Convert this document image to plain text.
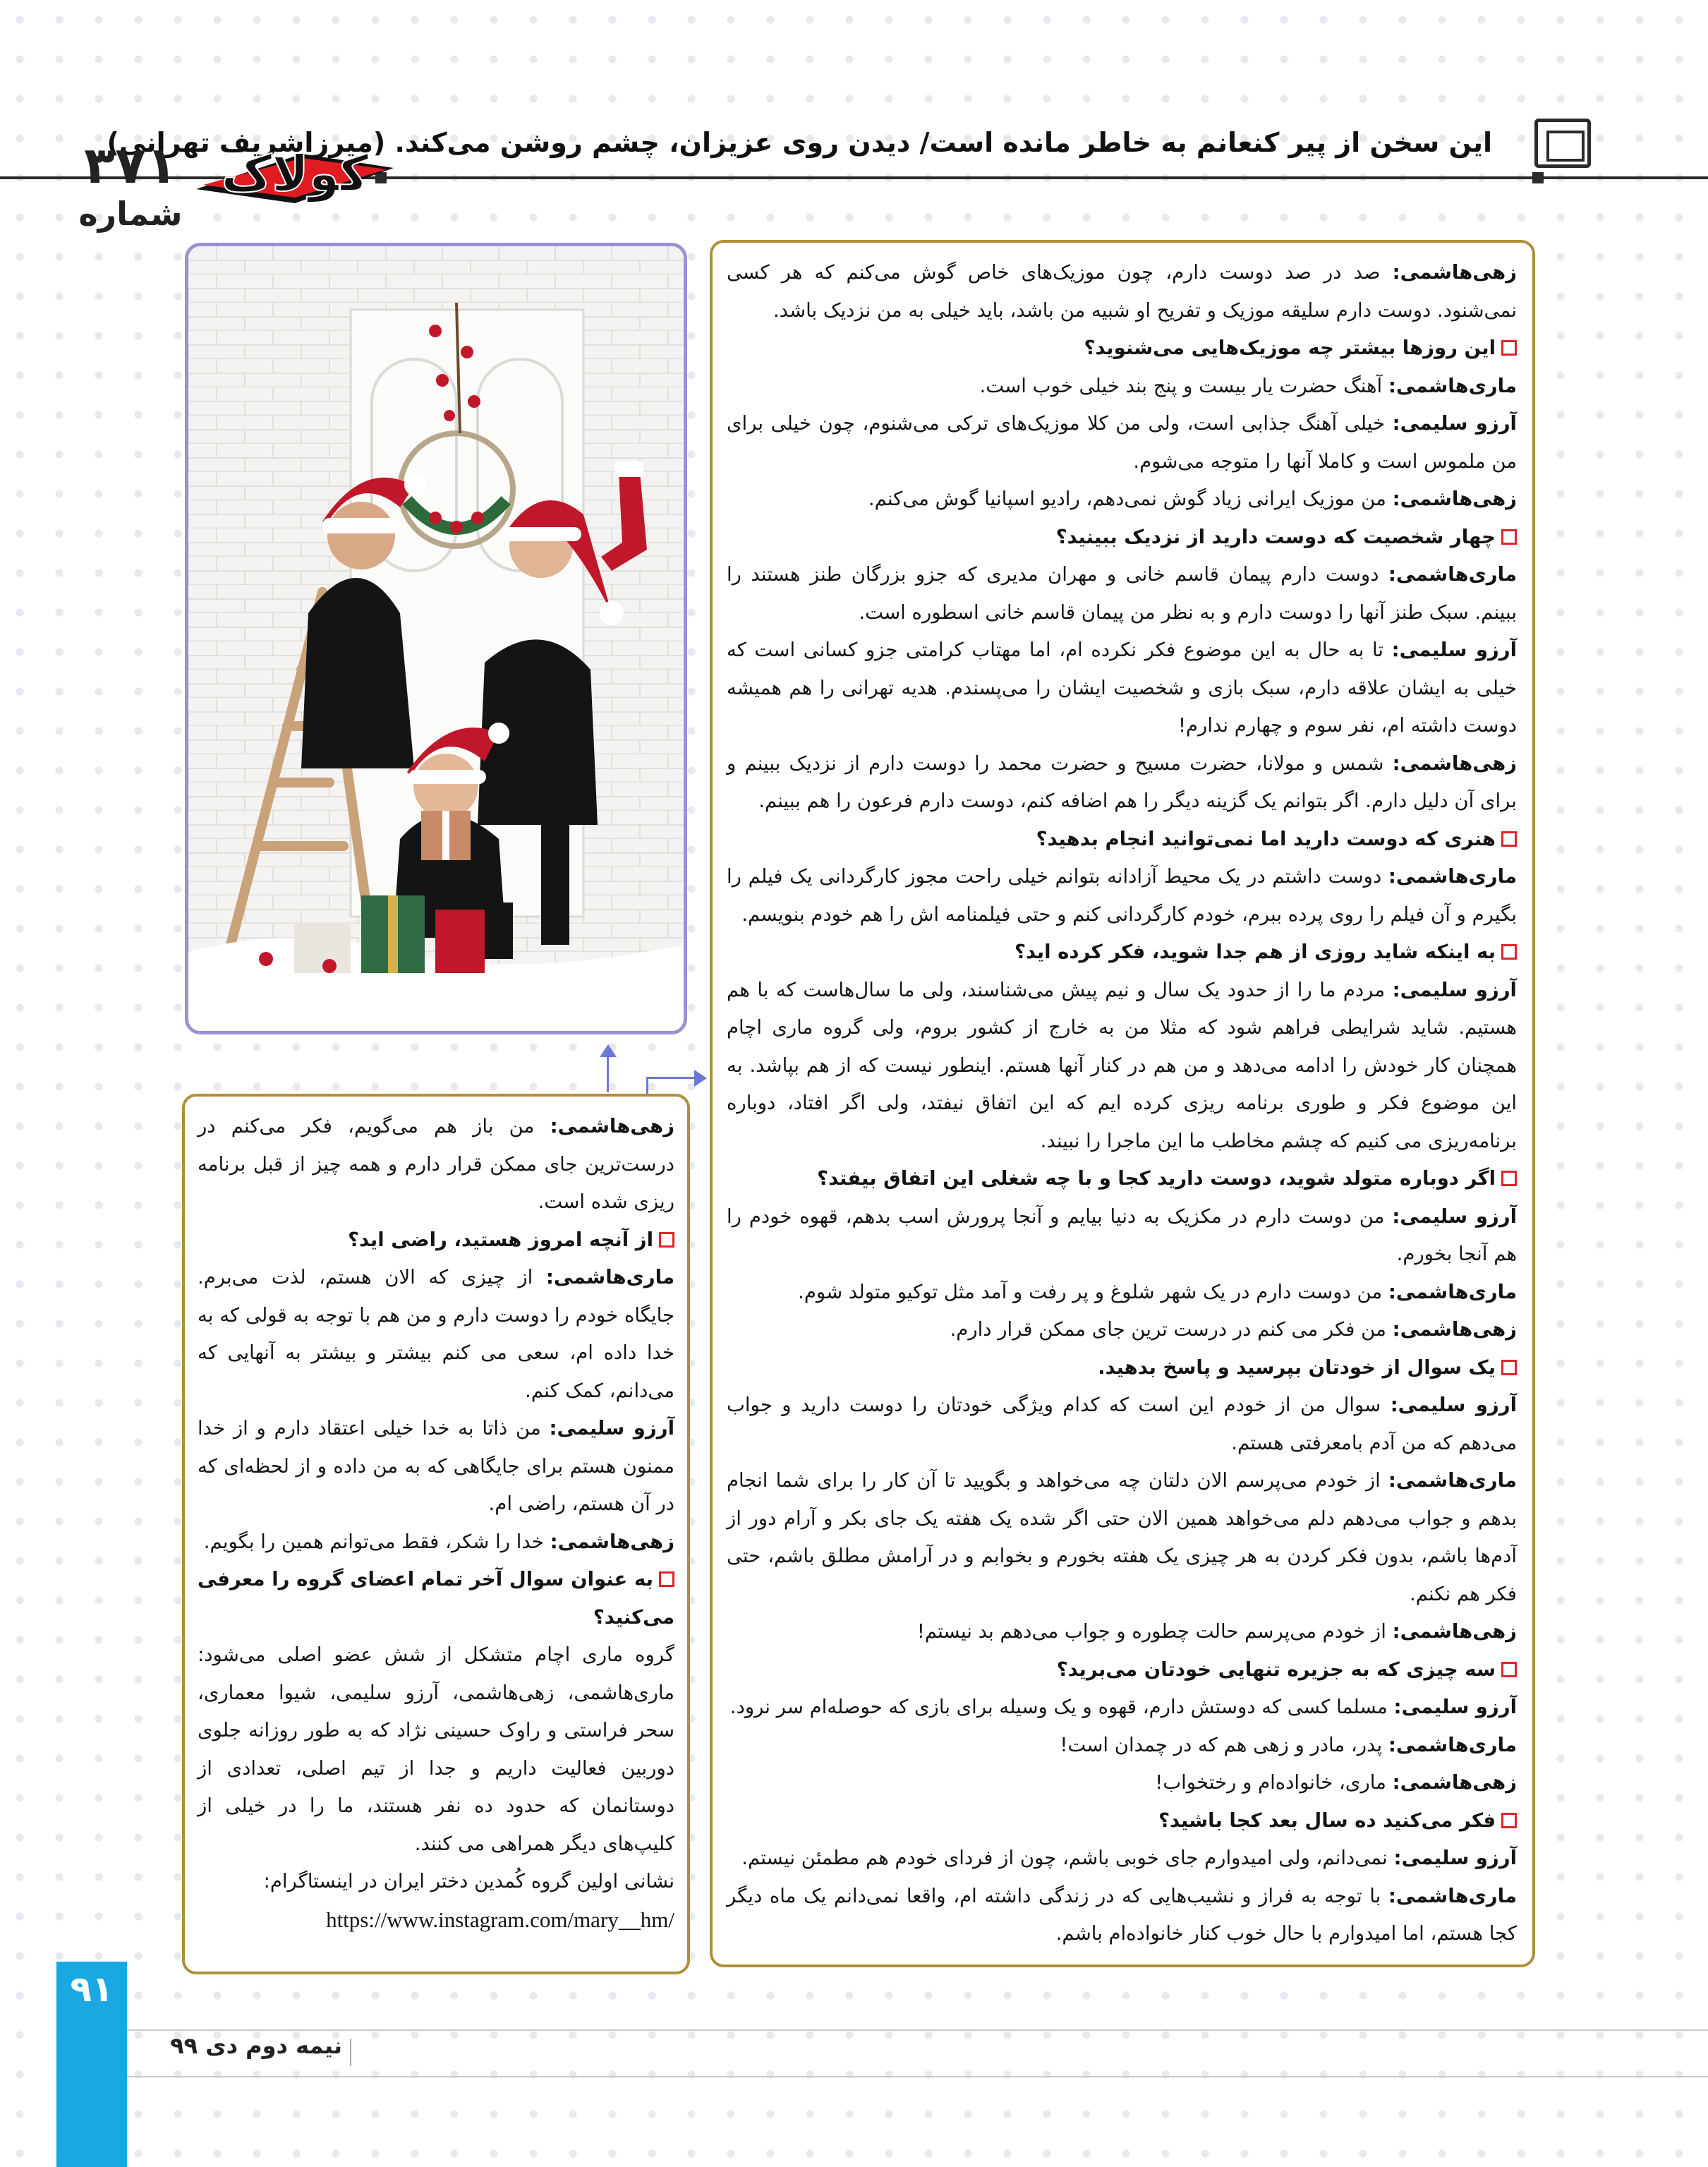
این سخن از پیر کنعانم به خاطر مانده است/ دیدن روی عزیزان، چشم روشن می‌کند. (میرزاشریف تهرانی)
کولاک
۳۷۱
شماره

زهی‌هاشمی: صد در صد دوست دارم، چون موزیک‌های خاص گوش می‌کنم که هر کسی نمی‌شنود. دوست دارم سلیقه موزیک و تفریح او شبیه من باشد، باید خیلی به من نزدیک باشد.

این روزها بیشتر چه موزیک‌هایی می‌شنوید؟

ماری‌هاشمی: آهنگ حضرت یار بیست و پنج بند خیلی خوب است.

آرزو سلیمی: خیلی آهنگ جذابی است، ولی من کلا موزیک‌های ترکی می‌شنوم، چون خیلی برای من ملموس است و کاملا آنها را متوجه می‌شوم.

زهی‌هاشمی: من موزیک ایرانی زیاد گوش نمی‌دهم، رادیو اسپانیا گوش می‌کنم.

چهار شخصیت که دوست دارید از نزدیک ببینید؟

ماری‌هاشمی: دوست دارم پیمان قاسم خانی و مهران مدیری که جزو بزرگان طنز هستند را ببینم. سبک طنز آنها را دوست دارم و به نظر من پیمان قاسم خانی اسطوره است.

آرزو سلیمی: تا به حال به این موضوع فکر نکرده ام، اما مهتاب کرامتی جزو کسانی است که خیلی به ایشان علاقه دارم، سبک بازی و شخصیت ایشان را می‌پسندم. هدیه تهرانی را هم همیشه دوست داشته ام، نفر سوم و چهارم ندارم!

زهی‌هاشمی: شمس و مولانا، حضرت مسیح و حضرت محمد را دوست دارم از نزدیک ببینم و برای آن دلیل دارم. اگر بتوانم یک گزینه دیگر را هم اضافه کنم، دوست دارم فرعون را هم ببینم.

هنری که دوست دارید اما نمی‌توانید انجام بدهید؟

ماری‌هاشمی: دوست داشتم در یک محیط آزادانه بتوانم خیلی راحت مجوز کارگردانی یک فیلم را بگیرم و آن فیلم را روی پرده ببرم، خودم کارگردانی کنم و حتی فیلمنامه اش را هم خودم بنویسم.

به اینکه شاید روزی از هم جدا شوید، فکر کرده اید؟

آرزو سلیمی: مردم ما را از حدود یک سال و نیم پیش می‌شناسند، ولی ما سال‌هاست که با هم هستیم. شاید شرایطی فراهم شود که مثلا من به خارج از کشور بروم، ولی گروه ماری اچام همچنان کار خودش را ادامه می‌دهد و من هم در کنار آنها هستم. اینطور نیست که از هم بپاشد. به این موضوع فکر و طوری برنامه ریزی کرده ایم که این اتفاق نیفتد، ولی اگر افتاد، دوباره برنامه‌ریزی می کنیم که چشم مخاطب ما این ماجرا را نبیند.

اگر دوباره متولد شوید، دوست دارید کجا و با چه شغلی این اتفاق بیفتد؟

آرزو سلیمی: من دوست دارم در مکزیک به دنیا بیایم و آنجا پرورش اسب بدهم، قهوه خودم را هم آنجا بخورم.

ماری‌هاشمی: من دوست دارم در یک شهر شلوغ و پر رفت و آمد مثل توکیو متولد شوم.

زهی‌هاشمی: من فکر می کنم در درست ترین جای ممکن قرار دارم.

یک سوال از خودتان بپرسید و پاسخ بدهید.

آرزو سلیمی: سوال من از خودم این است که کدام ویژگی خودتان را دوست دارید و جواب می‌دهم که من آدم بامعرفتی هستم.

ماری‌هاشمی: از خودم می‌پرسم الان دلتان چه می‌خواهد و بگویید تا آن کار را برای شما انجام بدهم و جواب می‌دهم دلم می‌خواهد همین الان حتی اگر شده یک هفته یک جای بکر و آرام دور از آدم‌ها باشم، بدون فکر کردن به هر چیزی یک هفته بخورم و بخوابم و در آرامش مطلق باشم، حتی فکر هم نکنم.

زهی‌هاشمی: از خودم می‌پرسم حالت چطوره و جواب می‌دهم بد نیستم!

سه چیزی که به جزیره تنهایی خودتان می‌برید؟

آرزو سلیمی: مسلما کسی که دوستش دارم، قهوه و یک وسیله برای بازی که حوصله‌ام سر نرود.

ماری‌هاشمی: پدر، مادر و زهی هم که در چمدان است!

زهی‌هاشمی: ماری، خانواده‌ام و رختخواب!

فکر می‌کنید ده سال بعد کجا باشید؟

آرزو سلیمی: نمی‌دانم، ولی امیدوارم جای خوبی باشم، چون از فردای خودم هم مطمئن نیستم.

ماری‌هاشمی: با توجه به فراز و نشیب‌هایی که در زندگی داشته ام، واقعا نمی‌دانم یک ماه دیگر کجا هستم، اما امیدوارم با حال خوب کنار خانواده‌ام باشم.

زهی‌هاشمی: من باز هم می‌گویم، فکر می‌کنم در درست‌ترین جای ممکن قرار دارم و همه چیز از قبل برنامه ریزی شده است.

از آنچه امروز هستید، راضی اید؟

ماری‌هاشمی: از چیزی که الان هستم، لذت می‌برم. جایگاه خودم را دوست دارم و من هم با توجه به قولی که به خدا داده ام، سعی می کنم بیشتر و بیشتر به آنهایی که می‌دانم، کمک کنم.

آرزو سلیمی: من ذاتا به خدا خیلی اعتقاد دارم و از خدا ممنون هستم برای جایگاهی که به من داده و از لحظه‌ای که در آن هستم، راضی ام.

زهی‌هاشمی: خدا را شکر، فقط می‌توانم همین را بگویم.

به عنوان سوال آخر تمام اعضای گروه را معرفی می‌کنید؟

گروه ماری اچام متشکل از شش عضو اصلی می‌شود: ماری‌هاشمی، زهی‌هاشمی، آرزو سلیمی، شیوا معماری، سحر فراستی و راوک حسینی نژاد که به طور روزانه جلوی دوربین فعالیت داریم و جدا از تیم اصلی، تعدادی از دوستانمان که حدود ده نفر هستند، ما را در خیلی از کلیپ‌های دیگر همراهی می کنند.

نشانی اولین گروه کُمدین دختر ایران در اینستاگرام:

https://www.instagram.com/mary__hm/

۹۱
نیمه دوم دی ۹۹
